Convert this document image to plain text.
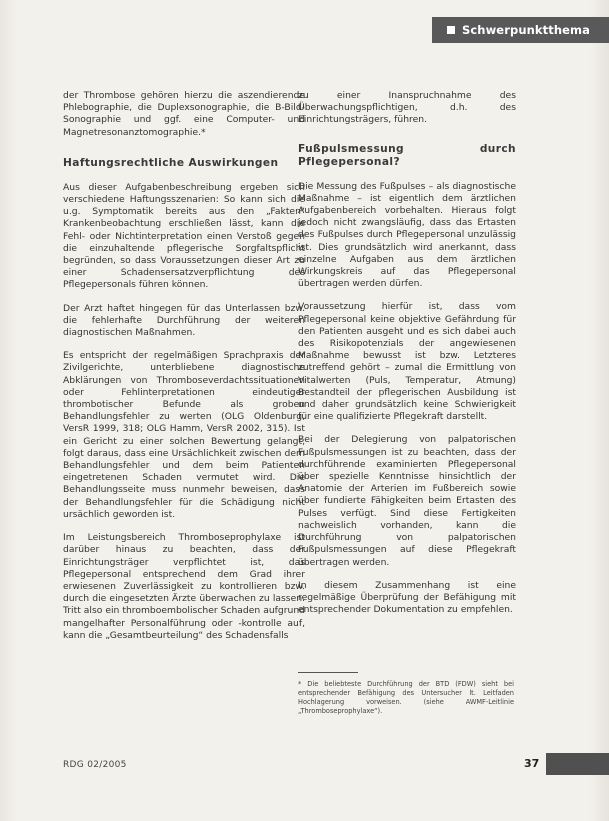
Schwerpunktthema

der Thrombose gehören hierzu die aszendierende Phlebographie, die Duplexsonographie, die B-Bild-Sonographie und ggf. eine Computer- und Magnetresonanztomographie.*

Haftungsrechtliche Auswirkungen

Aus dieser Aufgabenbeschreibung ergeben sich verschiedene Haftungsszenarien: So kann sich die u.g. Symptomatik bereits aus den „Fakten“ Krankenbeobachtung erschließen lässt, kann die Fehl- oder Nichtinterpretation einen Verstoß gegen die einzuhaltende pflegerische Sorgfaltspflicht begründen, so dass Voraussetzungen dieser Art zu einer Schadensersatzverpflichtung des Pflegepersonals führen können.

Der Arzt haftet hingegen für das Unterlassen bzw. die fehlerhafte Durchführung der weiteren diagnostischen Maßnahmen.

Es entspricht der regelmäßigen Sprachpraxis der Zivilgerichte, unterbliebene diagnostische Abklärungen von Thromboseverdachtssituationen oder Fehlinterpretationen eindeutiger thrombotischer Befunde als groben Behandlungsfehler zu werten (OLG Oldenburg, VersR 1999, 318; OLG Hamm, VersR 2002, 315). Ist ein Gericht zu einer solchen Bewertung gelangt, folgt daraus, dass eine Ursächlichkeit zwischen dem Behandlungsfehler und dem beim Patienten eingetretenen Schaden vermutet wird. Die Behandlungsseite muss nunmehr beweisen, dass der Behandlungsfehler für die Schädigung nicht ursächlich geworden ist.

Im Leistungsbereich Thromboseprophylaxe ist darüber hinaus zu beachten, dass der Einrichtungsträger verpflichtet ist, das Pflegepersonal entsprechend dem Grad ihrer erwiesenen Zuverlässigkeit zu kontrollieren bzw. durch die eingesetzten Ärzte überwachen zu lassen. Tritt also ein thromboembolischer Schaden aufgrund mangelhafter Personalführung oder -kontrolle auf, kann die „Gesamtbeurteilung“ des Schadensfalls

zu einer Inanspruchnahme des Überwachungspflichtigen, d.h. des Einrichtungsträgers, führen.

Fußpulsmessung durch Pflegepersonal?

Die Messung des Fußpulses – als diagnostische Maßnahme – ist eigentlich dem ärztlichen Aufgabenbereich vorbehalten. Hieraus folgt jedoch nicht zwangsläufig, dass das Ertasten des Fußpulses durch Pflegepersonal unzulässig ist. Dies grundsätzlich wird anerkannt, dass einzelne Aufgaben aus dem ärztlichen Wirkungskreis auf das Pflegepersonal übertragen werden dürfen.

Voraussetzung hierfür ist, dass vom Pflegepersonal keine objektive Gefährdung für den Patienten ausgeht und es sich dabei auch des Risikopotenzials der angewiesenen Maßnahme bewusst ist bzw. Letzteres zutreffend gehört – zumal die Ermittlung von Vitalwerten (Puls, Temperatur, Atmung) Bestandteil der pflegerischen Ausbildung ist und daher grundsätzlich keine Schwierigkeit für eine qualifizierte Pflegekraft darstellt.

Bei der Delegierung von palpatorischen Fußpulsmessungen ist zu beachten, dass der durchführende examinierten Pflegepersonal über spezielle Kenntnisse hinsichtlich der Anatomie der Arterien im Fußbereich sowie über fundierte Fähigkeiten beim Ertasten des Pulses verfügt. Sind diese Fertigkeiten nachweislich vorhanden, kann die Durchführung von palpatorischen Fußpulsmessungen auf diese Pflegekraft übertragen werden.

In diesem Zusammenhang ist eine regelmäßige Überprüfung der Befähigung mit entsprechender Dokumentation zu empfehlen.

* Die beliebteste Durchführung der BTD (FDW) sieht bei entsprechender Befähigung des Untersucher lt. Leitfaden Hochlagerung vorweisen. (siehe AWMF-Leitlinie „Thromboseprophylaxe“).
RDG 02/2005	37
